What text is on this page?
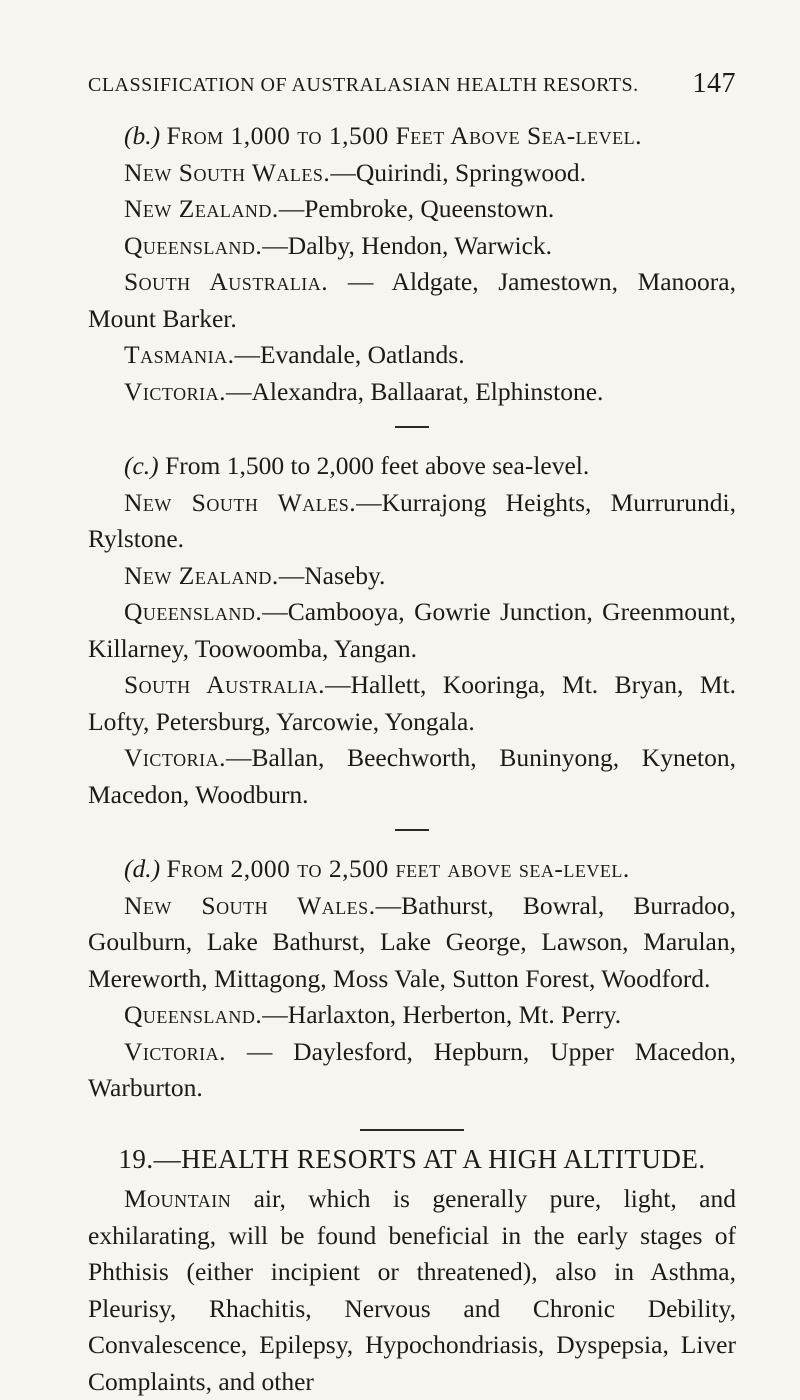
CLASSIFICATION OF AUSTRALASIAN HEALTH RESORTS. 147

(b.) From 1,000 to 1,500 Feet Above Sea-level.

New South Wales.—Quirindi, Springwood.

New Zealand.—Pembroke, Queenstown.

Queensland.—Dalby, Hendon, Warwick.

South Australia. — Aldgate, Jamestown, Manoora, Mount Barker.

Tasmania.—Evandale, Oatlands.

Victoria.—Alexandra, Ballaarat, Elphinstone.

(c.) From 1,500 to 2,000 feet above sea-level.

New South Wales.—Kurrajong Heights, Murrurundi, Rylstone.

New Zealand.—Naseby.

Queensland.—Cambooya, Gowrie Junction, Greenmount, Killarney, Toowoomba, Yangan.

South Australia.—Hallett, Kooringa, Mt. Bryan, Mt. Lofty, Petersburg, Yarcowie, Yongala.

Victoria.—Ballan, Beechworth, Buninyong, Kyneton, Macedon, Woodburn.

(d.) From 2,000 to 2,500 feet above sea-level.

New South Wales.—Bathurst, Bowral, Burradoo, Goulburn, Lake Bathurst, Lake George, Lawson, Marulan, Mereworth, Mittagong, Moss Vale, Sutton Forest, Woodford.

Queensland.—Harlaxton, Herberton, Mt. Perry.

Victoria. — Daylesford, Hepburn, Upper Macedon, Warburton.

19.—HEALTH RESORTS AT A HIGH ALTITUDE.

Mountain air, which is generally pure, light, and exhilarating, will be found beneficial in the early stages of Phthisis (either incipient or threatened), also in Asthma, Pleurisy, Rhachitis, Nervous and Chronic Debility, Convalescence, Epilepsy, Hypochondriasis, Dyspepsia, Liver Complaints, and other
